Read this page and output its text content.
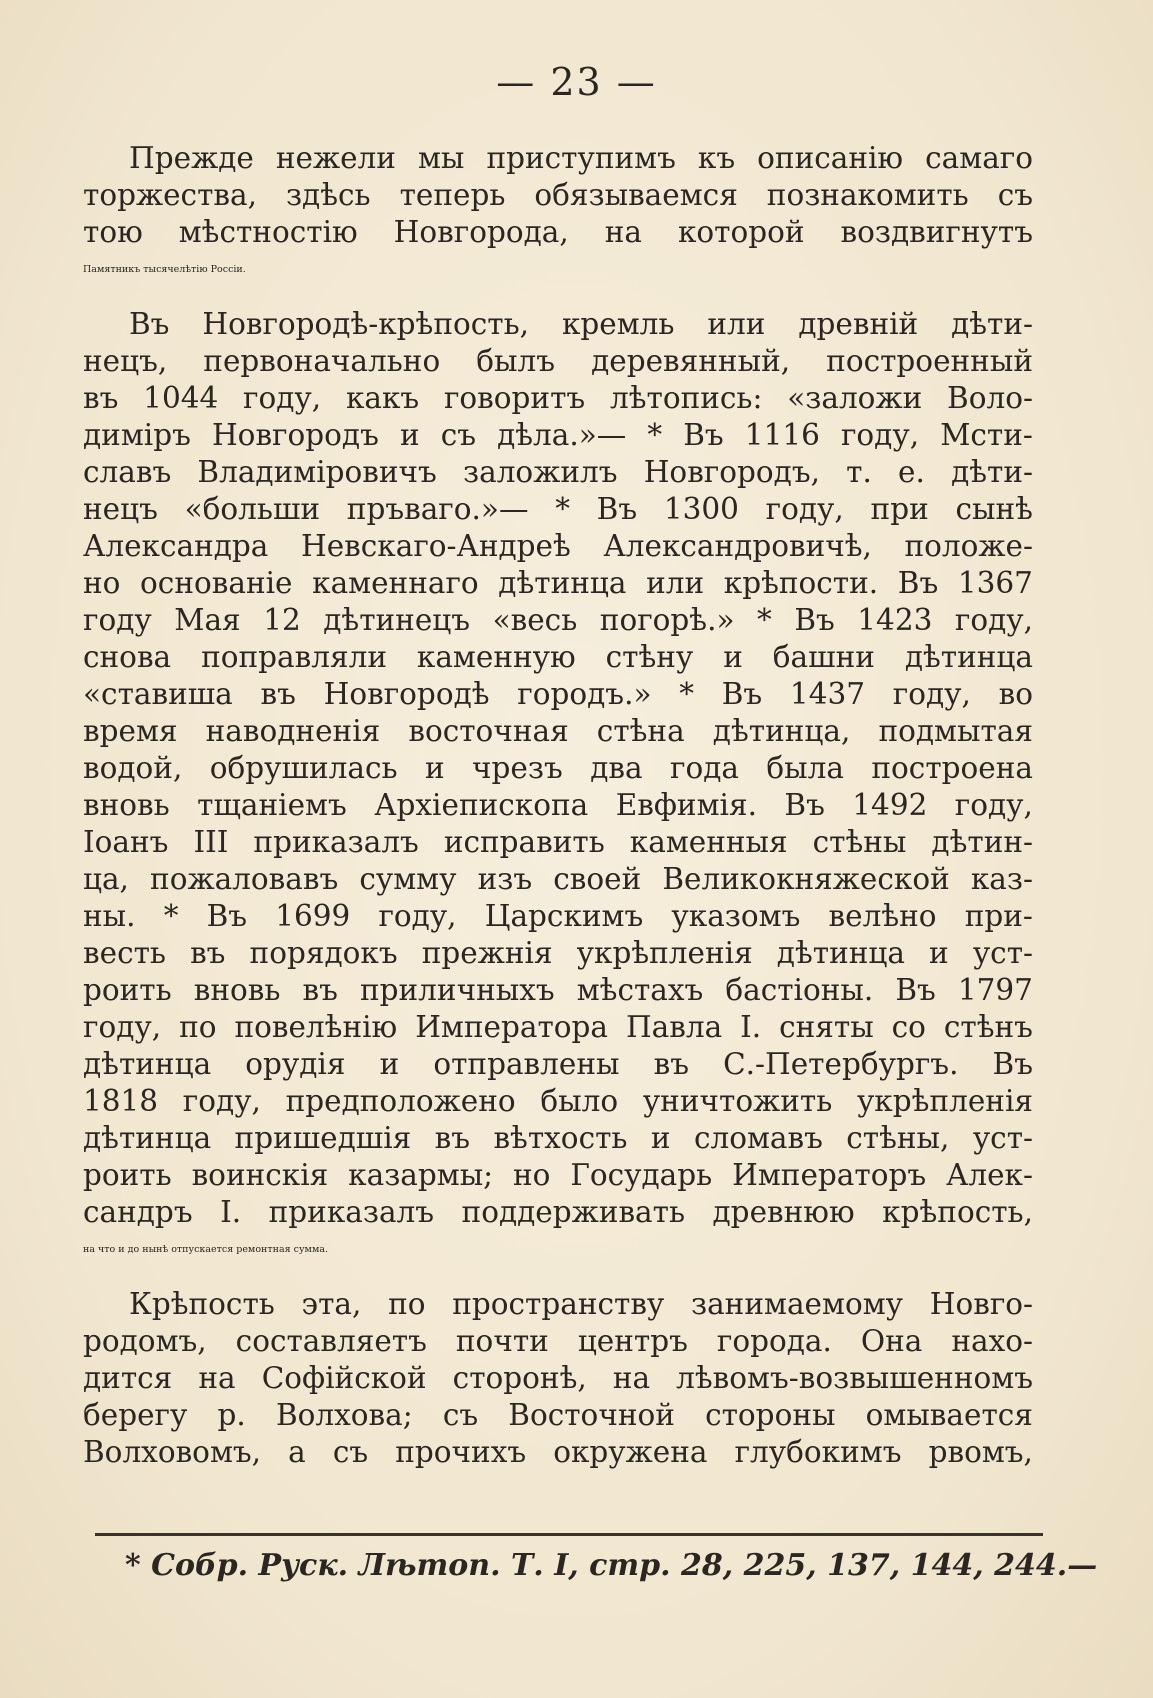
— 23 —
Прежде нежели мы приступимъ къ описанію самаго
торжества, здѣсь теперь обязываемся познакомить съ
тою мѣстностію Новгорода, на которой воздвигнутъ
Памятникъ тысячелѣтію Россіи.
Въ Новгородѣ-крѣпость, кремль или древній дѣти-
нецъ, первоначально былъ деревянный, построенный
въ 1044 году, какъ говоритъ лѣтопись: «заложи Воло-
диміръ Новгородъ и съ дѣла.»— * Въ 1116 году, Мсти-
славъ Владиміровичъ заложилъ Новгородъ, т. е. дѣти-
нецъ «больши пръваго.»— * Въ 1300 году, при сынѣ
Александра Невскаго-Андреѣ Александровичѣ, положе-
но основаніе каменнаго дѣтинца или крѣпости. Въ 1367
году Мая 12 дѣтинецъ «весь погорѣ.» * Въ 1423 году,
снова поправляли каменную стѣну и башни дѣтинца
«ставиша въ Новгородѣ городъ.» * Въ 1437 году, во
время наводненія восточная стѣна дѣтинца, подмытая
водой, обрушилась и чрезъ два года была построена
вновь тщаніемъ Архіепископа Евфимія. Въ 1492 году,
Іоанъ III приказалъ исправить каменныя стѣны дѣтин-
ца, пожаловавъ сумму изъ своей Великокняжеской каз-
ны. * Въ 1699 году, Царскимъ указомъ велѣно при-
весть въ порядокъ прежнія укрѣпленія дѣтинца и уст-
роить вновь въ приличныхъ мѣстахъ бастіоны. Въ 1797
году, по повелѣнію Императора Павла I. сняты со стѣнъ
дѣтинца орудія и отправлены въ С.-Петербургъ. Въ
1818 году, предположено было уничтожить укрѣпленія
дѣтинца пришедшія въ вѣтхость и сломавъ стѣны, уст-
роить воинскія казармы; но Государь Императоръ Алек-
сандръ I. приказалъ поддерживать древнюю крѣпость,
на что и до нынѣ отпускается ремонтная сумма.
Крѣпость эта, по пространству занимаемому Новго-
родомъ, составляетъ почти центръ города. Она нахо-
дится на Софійской сторонѣ, на лѣвомъ-возвышенномъ
берегу р. Волхова; съ Восточной стороны омывается
Волховомъ, а съ прочихъ окружена глубокимъ рвомъ,
* Собр. Руск. Лѣтоп. Т. I, стр. 28, 225, 137, 144, 244.—
